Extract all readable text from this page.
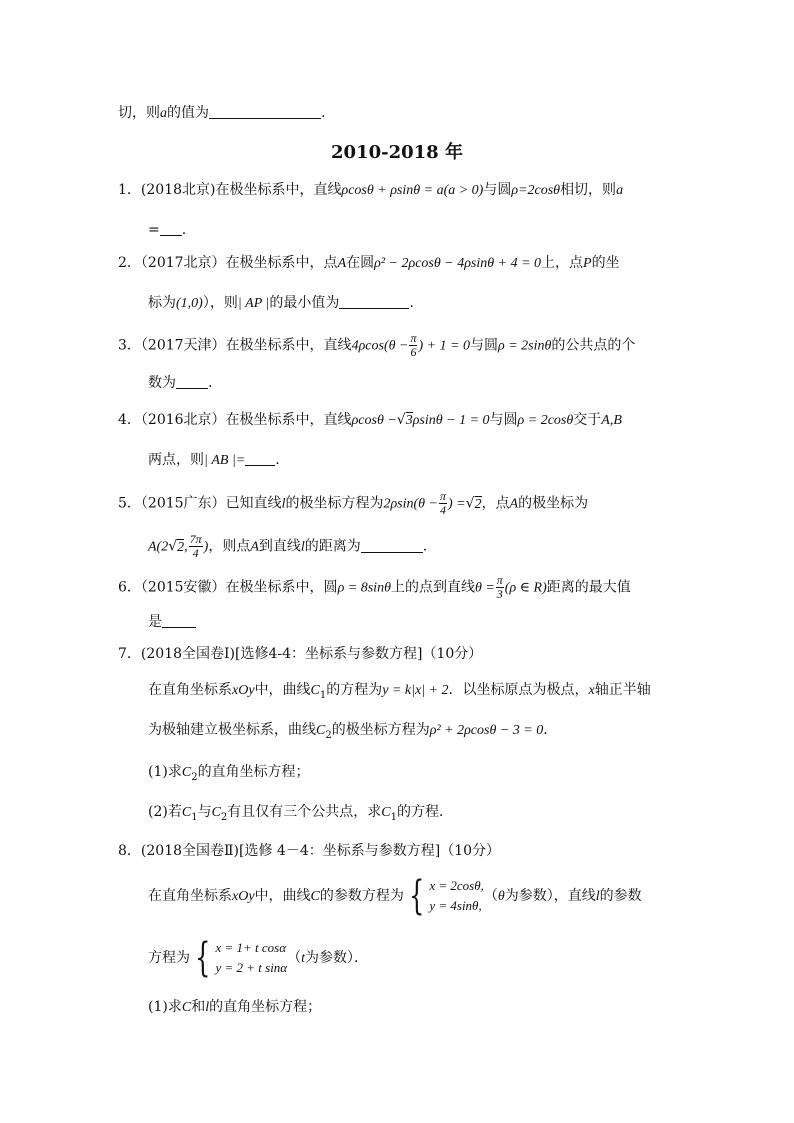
切，则a的值为	.
2010-2018 年
1．(2018北京)在极坐标系中，直线ρcosθ + ρsinθ = a(a > 0)与圆ρ=2cosθ相切，则a
= .
2．（2017北京）在极坐标系中，点A在圆ρ² − 2ρcosθ − 4ρsinθ + 4 = 0上，点P的坐
标为(1,0)），则| AP |的最小值为	.
3．（2017天津）在极坐标系中，直线$4\rho\cos(\theta - \frac{\pi}{6}$ ) + 1 = 0与圆ρ = 2sinθ的公共点的个
数为 .
4．（2016北京）在极坐标系中，直线ρcosθ −√3ρsinθ − 1 = 0与圆ρ = 2cosθ交于A,B
两点，则| AB |= .
5．（2015广东）已知直线l的极坐标方程为$2\rho\sin(\theta - \frac{\pi}{4}$ ) =√2，点A的极坐标为
A(2√2, $\frac{7\pi}{4}$ )，则点A到直线l的距离为	.
6．（2015安徽）在极坐标系中，圆ρ = 8sinθ上的点到直线$\theta = \frac{\pi}{3} (\rho$ ∈ R)距离的最大值
是
7．(2018全国卷Ⅰ)[选修4-4：坐标系与参数方程]（10分）
在直角坐标系xOy中，曲线$C_1$的方程为y = k|x| + 2．以坐标原点为极点，x轴正半轴
为极轴建立极坐标系，曲线$C_2$的极坐标方程为ρ² + 2ρcosθ − 3 = 0．
(1)求$C_2$的直角坐标方程；
(2)若$C_1$与$C_2$有且仅有三个公共点，求$C_1$的方程．
8．(2018全国卷Ⅱ)[选修 4－4：坐标系与参数方程]（10分）
在直角坐标系xOy中，曲线C的参数方程为 { x = 2cosθ,
y = 4sinθ,
（θ为参数），直线l的参数
方程为 { x = 1+ t cosα
y = 2 + t sinα
（t为参数）．
(1)求C和l的直角坐标方程；
